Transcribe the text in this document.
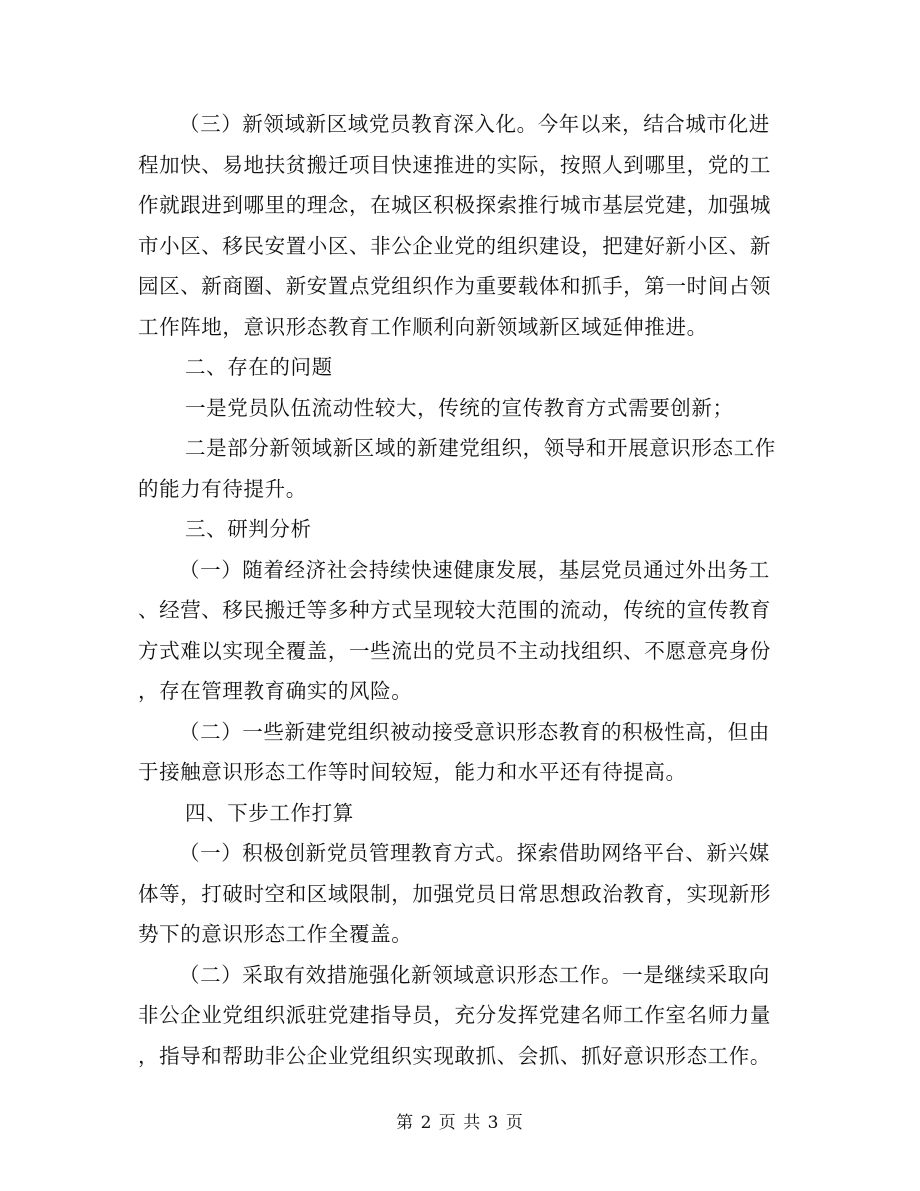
（三）新领域新区域党员教育深入化。今年以来，结合城市化进
程加快、易地扶贫搬迁项目快速推进的实际，按照人到哪里，党的工
作就跟进到哪里的理念，在城区积极探索推行城市基层党建，加强城
市小区、移民安置小区、非公企业党的组织建设，把建好新小区、新
园区、新商圈、新安置点党组织作为重要载体和抓手，第一时间占领
工作阵地，意识形态教育工作顺利向新领域新区域延伸推进。
二、存在的问题
一是党员队伍流动性较大，传统的宣传教育方式需要创新；
二是部分新领域新区域的新建党组织，领导和开展意识形态工作
的能力有待提升。
三、研判分析
（一）随着经济社会持续快速健康发展，基层党员通过外出务工
、经营、移民搬迁等多种方式呈现较大范围的流动，传统的宣传教育
方式难以实现全覆盖，一些流出的党员不主动找组织、不愿意亮身份
，存在管理教育确实的风险。
（二）一些新建党组织被动接受意识形态教育的积极性高，但由
于接触意识形态工作等时间较短，能力和水平还有待提高。
四、下步工作打算
（一）积极创新党员管理教育方式。探索借助网络平台、新兴媒
体等，打破时空和区域限制，加强党员日常思想政治教育，实现新形
势下的意识形态工作全覆盖。
（二）采取有效措施强化新领域意识形态工作。一是继续采取向
非公企业党组织派驻党建指导员，充分发挥党建名师工作室名师力量
，指导和帮助非公企业党组织实现敢抓、会抓、抓好意识形态工作。
第 2 页 共 3 页
